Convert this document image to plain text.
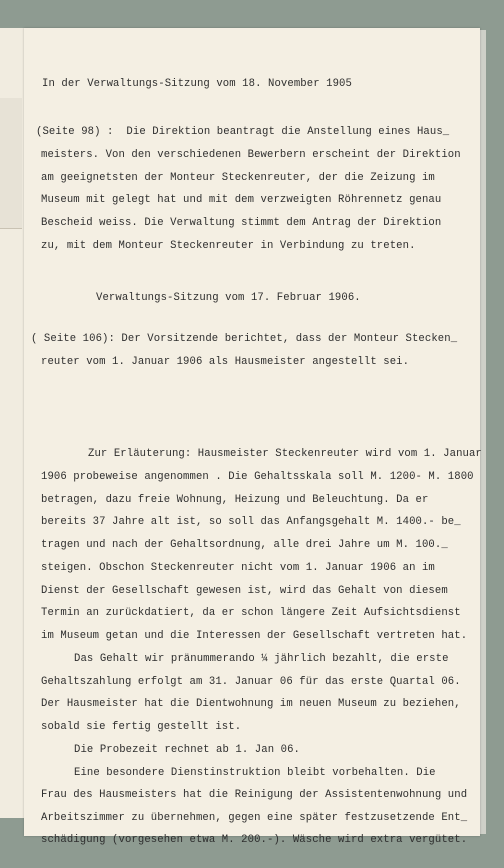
In der Verwaltungs-Sitzung vom 18. November 1905
(Seite 98) :  Die Direktion beantragt die Anstellung eines Haus_
meisters. Von den verschiedenen Bewerbern erscheint der Direktion
am geeignetsten der Monteur Steckenreuter, der die Zeizung im
Museum mit gelegt hat und mit dem verzweigten Röhrennetz genau
Bescheid weiss. Die Verwaltung stimmt dem Antrag der Direktion
zu, mit dem Monteur Steckenreuter in Verbindung zu treten.
Verwaltungs-Sitzung vom 17. Februar 1906.
( Seite 106): Der Vorsitzende berichtet, dass der Monteur Stecken_
reuter vom 1. Januar 1906 als Hausmeister angestellt sei.
Zur Erläuterung: Hausmeister Steckenreuter wird vom 1. Januar
1906 probeweise angenommen . Die Gehaltsskala soll M. 1200- M. 1800
betragen, dazu freie Wohnung, Heizung und Beleuchtung. Da er
bereits 37 Jahre alt ist, so soll das Anfangsgehalt M. 1400.- be_
tragen und nach der Gehaltsordnung, alle drei Jahre um M. 100._
steigen. Obschon Steckenreuter nicht vom 1. Januar 1906 an im
Dienst der Gesellschaft gewesen ist, wird das Gehalt von diesem
Termin an zurückdatiert, da er schon längere Zeit Aufsichtsdienst
im Museum getan und die Interessen der Gesellschaft vertreten hat.
Das Gehalt wir pränummerando ¼ jährlich bezahlt, die erste
Gehaltszahlung erfolgt am 31. Januar 06 für das erste Quartal 06.
Der Hausmeister hat die Dientwohnung im neuen Museum zu beziehen,
sobald sie fertig gestellt ist.
Die Probezeit rechnet ab 1. Jan 06.
Eine besondere Dienstinstruktion bleibt vorbehalten. Die
Frau des Hausmeisters hat die Reinigung der Assistentenwohnung und
Arbeitszimmer zu übernehmen, gegen eine später festzusetzende Ent_
schädigung (vorgesehen etwa M. 200.-). Wäsche wird extra vergütet.
